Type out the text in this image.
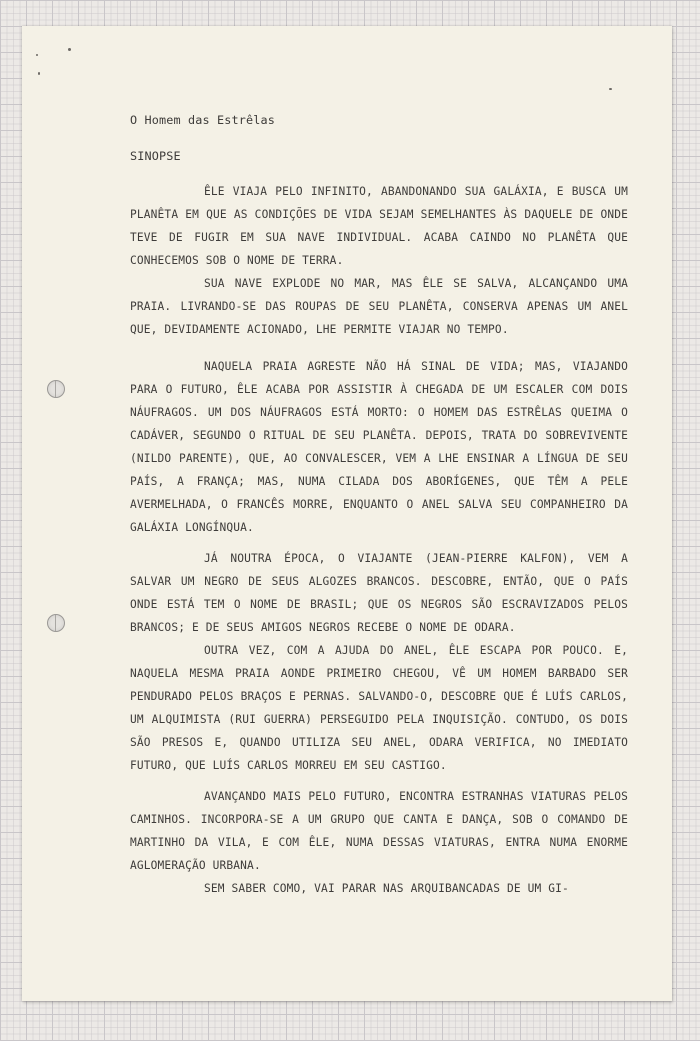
O Homem das Estrêlas

SINOPSE

ÊLE VIAJA PELO INFINITO, ABANDONANDO SUA GALÁXIA, E BUSCA UM PLANÊTA EM QUE AS CONDIÇÕES DE VIDA SEJAM SEMELHANTES ÀS DAQUELE DE ONDE TEVE DE FUGIR EM SUA NAVE INDIVIDUAL. ACABA CAINDO NO PLANÊTA QUE CONHECEMOS SOB O NOME DE TERRA.

SUA NAVE EXPLODE NO MAR, MAS ÊLE SE SALVA, ALCANÇANDO UMA PRAIA. LIVRANDO-SE DAS ROUPAS DE SEU PLANÊTA, CONSERVA APENAS UM ANEL QUE, DEVIDAMENTE ACIONADO, LHE PERMITE VIAJAR NO TEMPO.

NAQUELA PRAIA AGRESTE NÃO HÁ SINAL DE VIDA; MAS, VIAJANDO PARA O FUTURO, ÊLE ACABA POR ASSISTIR À CHEGADA DE UM ESCALER COM DOIS NÁUFRAGOS. UM DOS NÁUFRAGOS ESTÁ MORTO: O HOMEM DAS ESTRÊLAS QUEIMA O CADÁVER, SEGUNDO O RITUAL DE SEU PLANÊTA. DEPOIS, TRATA DO SOBREVIVENTE (NILDO PARENTE), QUE, AO CONVALESCER, VEM A LHE ENSINAR A LÍNGUA DE SEU PAÍS, A FRANÇA; MAS, NUMA CILADA DOS ABORÍGENES, QUE TÊM A PELE AVERMELHADA, O FRANCÊS MORRE, ENQUANTO O ANEL SALVA SEU COMPANHEIRO DA GALÁXIA LONGÍNQUA.

JÁ NOUTRA ÉPOCA, O VIAJANTE (JEAN-PIERRE KALFON), VEM A SALVAR UM NEGRO DE SEUS ALGOZES BRANCOS. DESCOBRE, ENTÃO, QUE O PAÍS ONDE ESTÁ TEM O NOME DE BRASIL; QUE OS NEGROS SÃO ESCRAVIZADOS PELOS BRANCOS; E DE SEUS AMIGOS NEGROS RECEBE O NOME DE ODARA.

OUTRA VEZ, COM A AJUDA DO ANEL, ÊLE ESCAPA POR POUCO. E, NAQUELA MESMA PRAIA AONDE PRIMEIRO CHEGOU, VÊ UM HOMEM BARBADO SER PENDURADO PELOS BRAÇOS E PERNAS. SALVANDO-O, DESCOBRE QUE É LUÍS CARLOS, UM ALQUIMISTA (RUI GUERRA) PERSEGUIDO PELA INQUISIÇÃO. CONTUDO, OS DOIS SÃO PRESOS E, QUANDO UTILIZA SEU ANEL, ODARA VERIFICA, NO IMEDIATO FUTURO, QUE LUÍS CARLOS MORREU EM SEU CASTIGO.

AVANÇANDO MAIS PELO FUTURO, ENCONTRA ESTRANHAS VIATURAS PELOS CAMINHOS. INCORPORA-SE A UM GRUPO QUE CANTA E DANÇA, SOB O COMANDO DE MARTINHO DA VILA, E COM ÊLE, NUMA DESSAS VIATURAS, ENTRA NUMA ENORME AGLOMERAÇÃO URBANA.

SEM SABER COMO, VAI PARAR NAS ARQUIBANCADAS DE UM GI-
